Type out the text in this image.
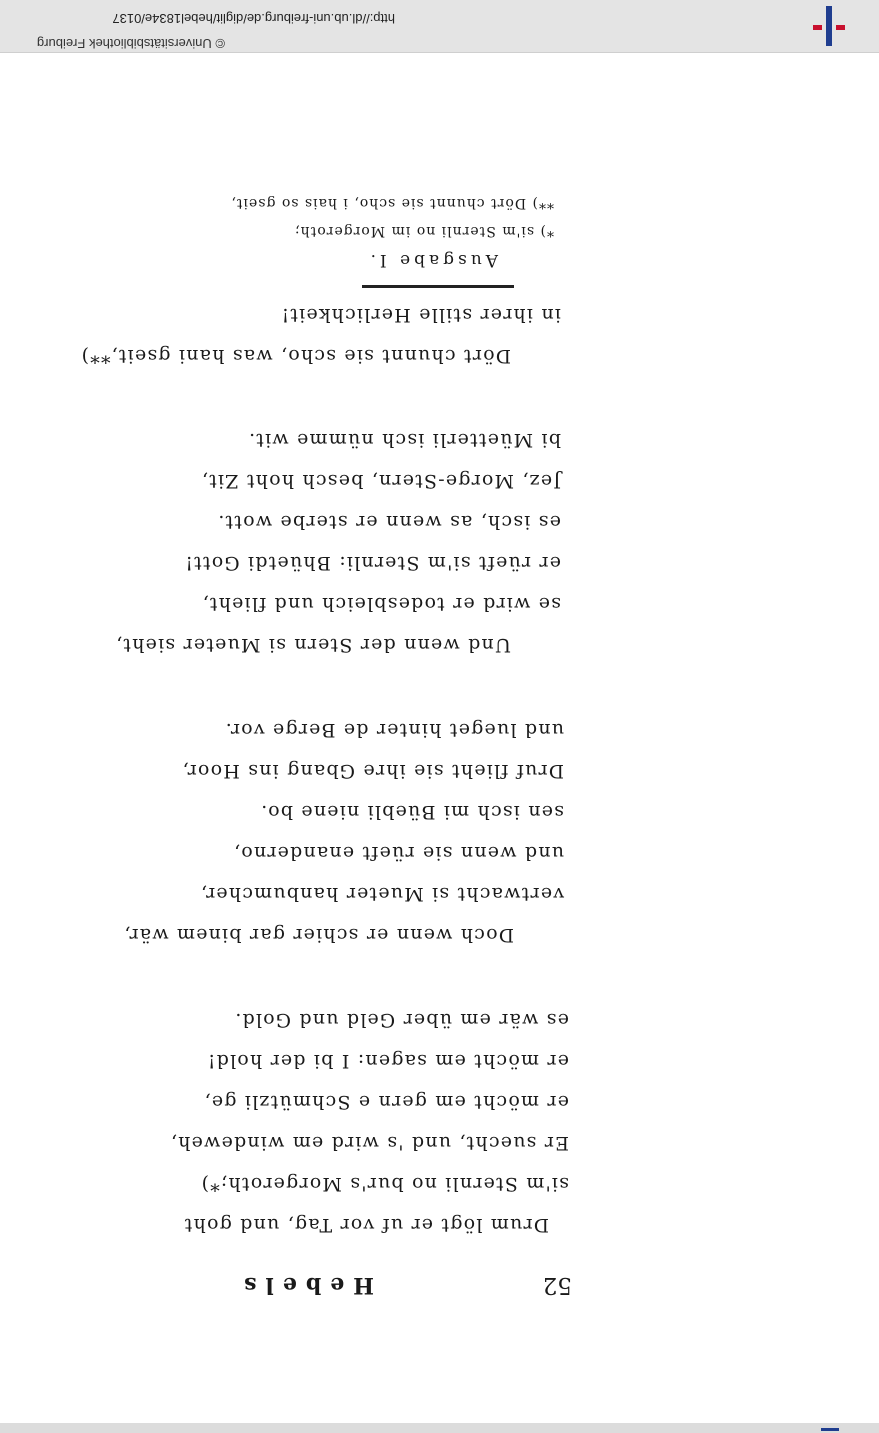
52
Hebels
Drum lögt er uf vor Tag, und goht
si'm Sternli no bur's Morgeroth;*)
Er suecht, und 's wird em windeweh,
er möcht em gern e Schmützli ge,
er möcht em sagen: I bi der hold!
es wär em über Geld und Gold.
Doch wenn er schier gar binem wär,
vertwacht si Mueter hanbumcher,
und wenn sie rüeft enanderno,
sen isch mi Büebli niene bo.
Druf flieht sie ihre Gbang ins Hoor,
und lueget hinter de Berge vor.
Und wenn der Stern si Mueter sieht,
se wird er todesbleich und flieht,
er rüeft si'm Sternli: Bhüetdi Gott!
es isch, as wenn er sterbe wott.
Jez, Morge-Stern, besch hoht Zit,
bi Müetterli isch nümme wit.
Dört chunnt sie scho, was hani gseit,**)
in ihrer stille Herlichkeit!
Ausgabe I.
*) si'm Sternli no im Morgeroth;
**) Dört chunnt sie scho, i hais so gseit,
© Universitätsbibliothek Freiburg
http://dl.ub.uni-freiburg.de/diglit/hebel1834e/0137
